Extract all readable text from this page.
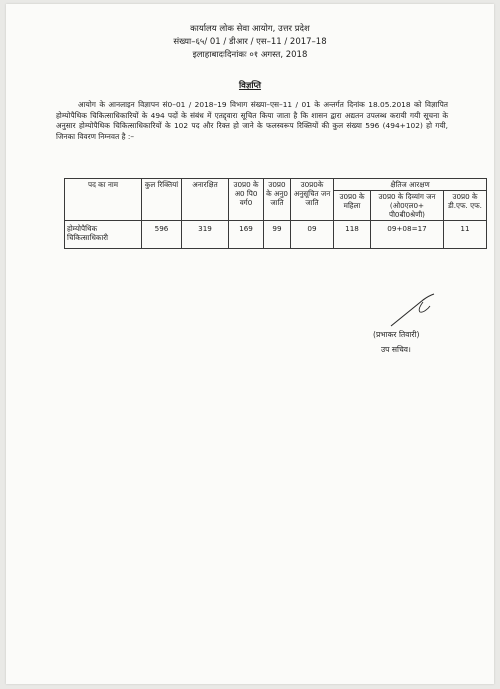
कार्यालय लोक सेवा आयोग, उत्तर प्रदेश
संख्या–६५/ 01 / डीआर / एस–11 / 2017–18
इलाहाबादःदिनांकः ०१ अगस्त, 2018
विज्ञप्ति
आयोग के आनलाइन विज्ञापन सं0–01 / 2018–19 विभाग संख्या–एस–11 / 01 के अन्तर्गत दिनांक 18.05.2018 को विज्ञापित होम्योपैथिक चिकित्साधिकारियों के 494 पदों के संबंध में एतद्द्वारा सूचित किया जाता है कि शासन द्वारा अद्यतन उपलब्ध करायी गयी सूचना के अनुसार होम्योपैथिक चिकित्साधिकारियों के 102 पद और रिक्त हो जाने के फलस्वरूप रिक्तियों की कुल संख्या 596 (494+102) हो गयी, जिनका विवरण निम्नवत है :–
पद का नाम	कुल रिक्तियां	अनारक्षित	उ0प्र0 के अ0 पि0 वर्ग0	उ0प्र0 के अनु0 जाति	उ0प्र0के अनुसूचित जन जाति	क्षैतिज आरक्षण		
						उ0प्र0 के महिला	उ0प्र0 के दिव्यांग जन (ओ0एल0+ पी0बी0श्रेणी)	उ0प्र0 के डी.एफ. एफ.
होम्योपैथिक चिकित्साधिकारी	596	319	169	99	09	118	09+08=17	11
(प्रभाकर तिवारी)
उप सचिव।
